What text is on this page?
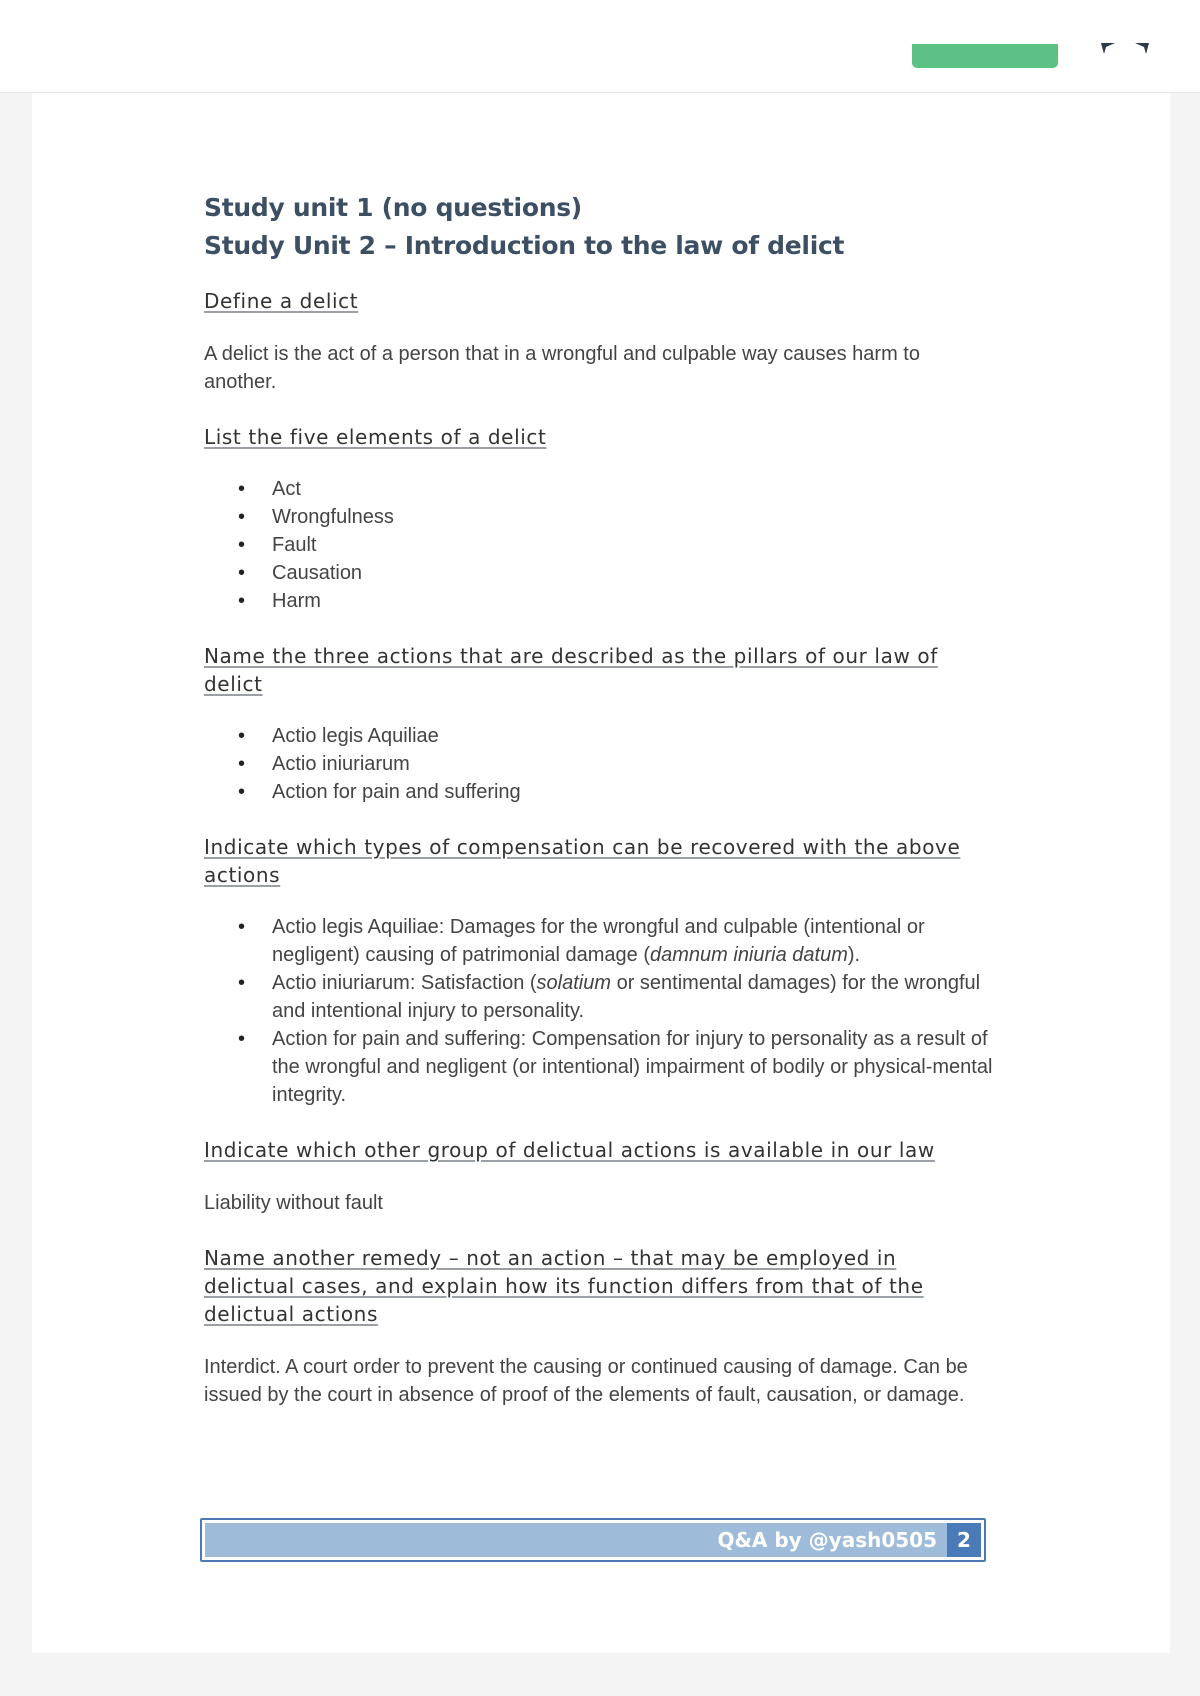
Study unit 1 (no questions)
Study Unit 2 – Introduction to the law of delict

Define a delict

A delict is the act of a person that in a wrongful and culpable way causes harm to another.

List the five elements of a delict

• Act
• Wrongfulness
• Fault
• Causation
• Harm

Name the three actions that are described as the pillars of our law of delict

• Actio legis Aquiliae
• Actio iniuriarum
• Action for pain and suffering

Indicate which types of compensation can be recovered with the above actions

• Actio legis Aquiliae: Damages for the wrongful and culpable (intentional or negligent) causing of patrimonial damage (damnum iniuria datum).
• Actio iniuriarum: Satisfaction (solatium or sentimental damages) for the wrongful and intentional injury to personality.
• Action for pain and suffering: Compensation for injury to personality as a result of the wrongful and negligent (or intentional) impairment of bodily or physical-mental integrity.

Indicate which other group of delictual actions is available in our law

Liability without fault

Name another remedy – not an action – that may be employed in delictual cases, and explain how its function differs from that of the delictual actions

Interdict. A court order to prevent the causing or continued causing of damage. Can be issued by the court in absence of proof of the elements of fault, causation, or damage.

Q&A by @yash0505	2
